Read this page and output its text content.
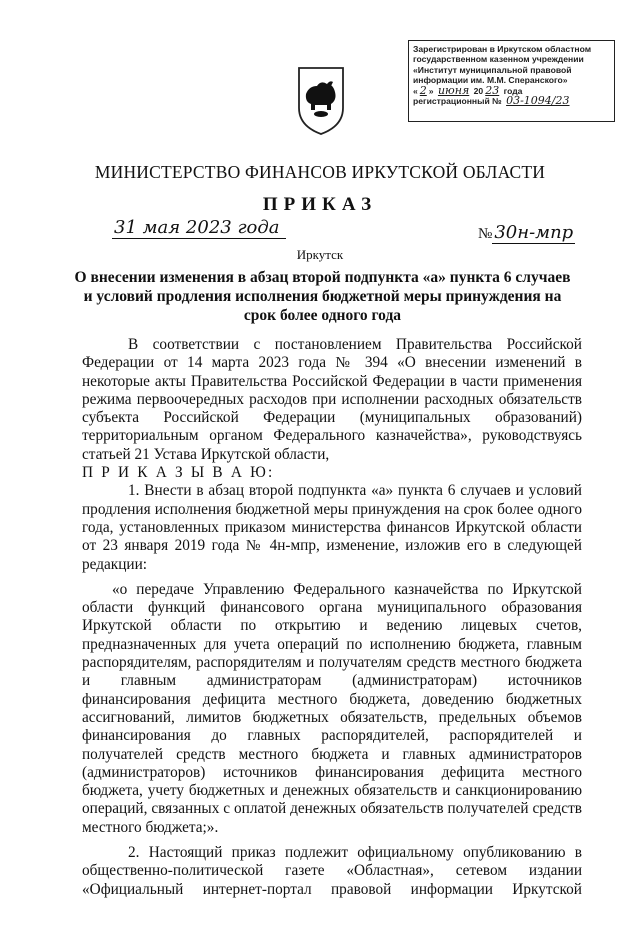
Зарегистрирован в Иркутском областном
государственном казенном учреждении
«Институт муниципальной правовой
информации им. М.М. Сперанского»
« 2 » июня 20 23 года
регистрационный № 03-1094/23
МИНИСТЕРСТВО ФИНАНСОВ ИРКУТСКОЙ ОБЛАСТИ
ПРИКАЗ
31 мая 2023 года	№ 30н-мпр
Иркутск
О внесении изменения в абзац второй подпункта «а» пункта 6 случаев
и условий продления исполнения бюджетной меры принуждения на
срок более одного года
В соответствии с постановлением Правительства Российской
Федерации от 14 марта 2023 года № 394 «О внесении изменений в
некоторые акты Правительства Российской Федерации в части применения
режима первоочередных расходов при исполнении расходных обязательств
субъекта Российской Федерации (муниципальных образований)
территориальным органом Федерального казначейства», руководствуясь
статьей 21 Устава Иркутской области,
П Р И К А З Ы В А Ю:
1. Внести в абзац второй подпункта «а» пункта 6 случаев и условий
продления исполнения бюджетной меры принуждения на срок более одного
года, установленных приказом министерства финансов Иркутской области
от 23 января 2019 года № 4н-мпр, изменение, изложив его в следующей
редакции:
«о передаче Управлению Федерального казначейства по Иркутской
области функций финансового органа муниципального образования
Иркутской области по открытию и ведению лицевых счетов,
предназначенных для учета операций по исполнению бюджета, главным
распорядителям, распорядителям и получателям средств местного бюджета
и главным администраторам (администраторам) источников
финансирования дефицита местного бюджета, доведению бюджетных
ассигнований, лимитов бюджетных обязательств, предельных объемов
финансирования до главных распорядителей, распорядителей и
получателей средств местного бюджета и главных администраторов
(администраторов) источников финансирования дефицита местного
бюджета, учету бюджетных и денежных обязательств и санкционированию
операций, связанных с оплатой денежных обязательств получателей средств
местного бюджета;».
2. Настоящий приказ подлежит официальному опубликованию в
общественно-политической газете «Областная», сетевом издании
«Официальный интернет-портал правовой информации Иркутской
